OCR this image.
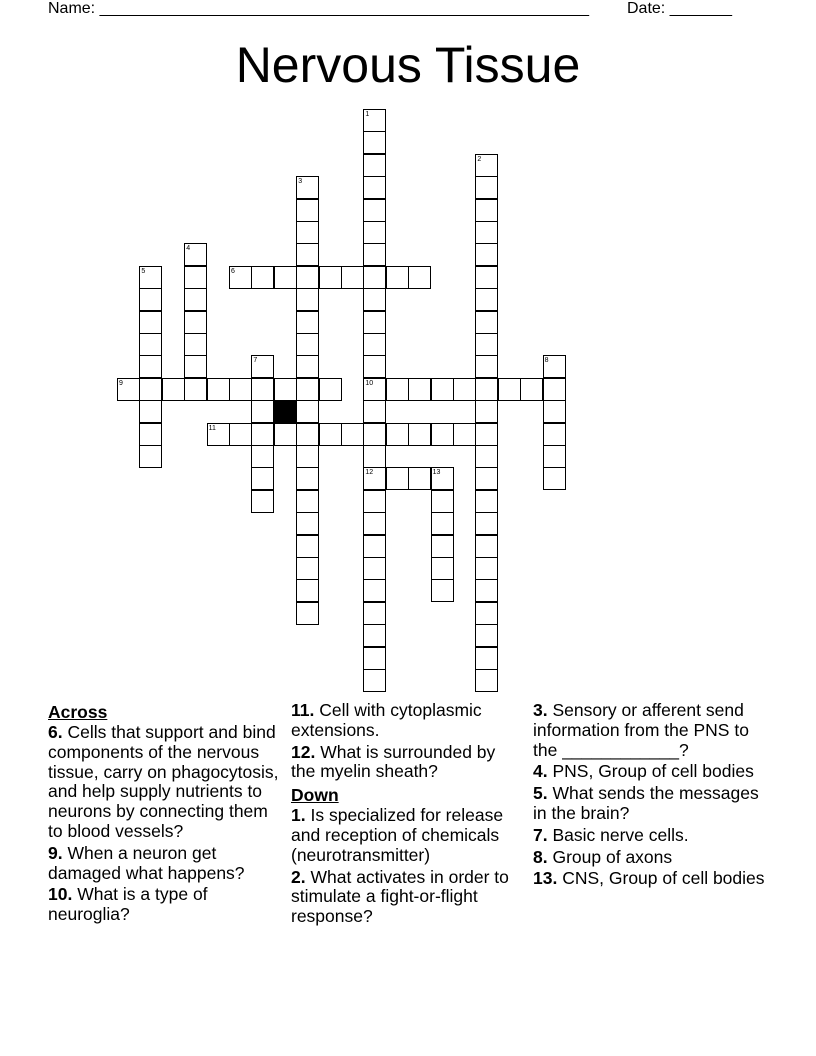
Name: _______________________________________________________ Date: _______
Nervous Tissue
1
2
3
4
5	6
7	8
9	10
11
12	13
Across
6. Cells that support and bind components of the nervous tissue, carry on phagocytosis, and help supply nutrients to neurons by connecting them to blood vessels?
9. When a neuron get damaged what happens?
10. What is a type of neuroglia?
11. Cell with cytoplasmic extensions.
12. What is surrounded by the myelin sheath?
Down
1. Is specialized for release and reception of chemicals (neurotransmitter)
2. What activates in order to stimulate a fight-or-flight response?
3. Sensory or afferent send information from the PNS to the ____________?
4. PNS, Group of cell bodies
5. What sends the messages in the brain?
7. Basic nerve cells.
8. Group of axons
13. CNS, Group of cell bodies
